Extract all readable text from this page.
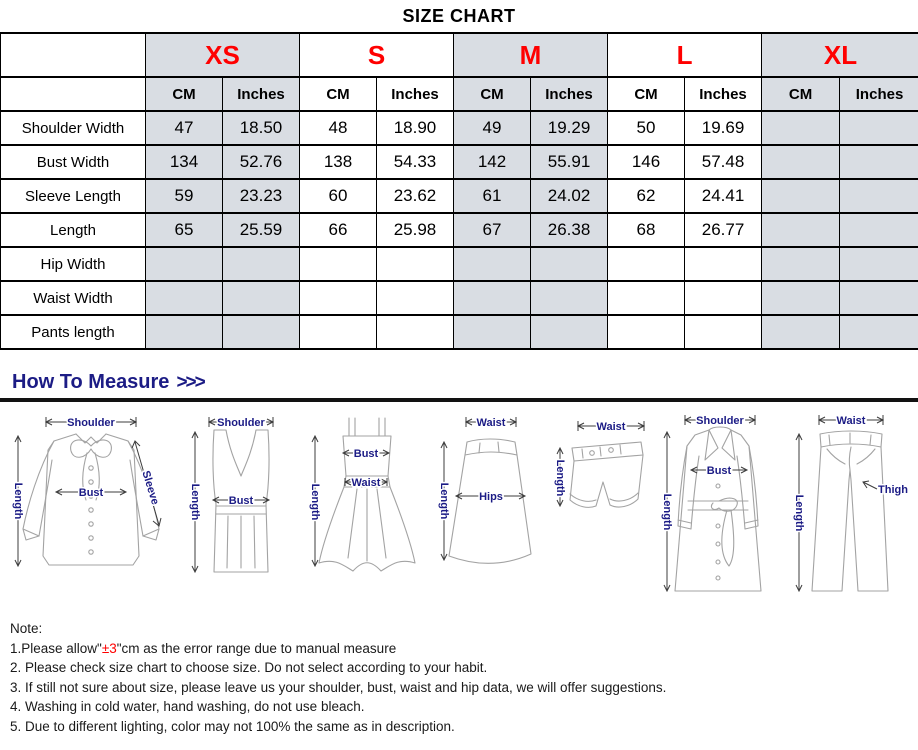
SIZE CHART
	XS		S		M		L		XL	
	CM	Inches	CM	Inches	CM	Inches	CM	Inches	CM	Inches
Shoulder Width	47	18.50	48	18.90	49	19.29	50	19.69		
Bust Width	134	52.76	138	54.33	142	55.91	146	57.48		
Sleeve Length	59	23.23	60	23.62	61	24.02	62	24.41		
Length	65	25.59	66	25.98	67	26.38	68	26.77		
Hip Width										
Waist Width										
Pants length										
How To Measure >>>
Shoulder
Length	Bust	Sleeve
Shoulder
Length	Bust
Bust
Waist
Length
Waist
Hips
Length
Waist
Length
Shoulder
Bust
Length
Waist
Thigh
Length
Note:
1.Please allow"±3"cm as the error range due to manual measure
2. Please check size chart to choose size. Do not select according to your habit.
3. If still not sure about size, please leave us your shoulder, bust, waist and hip data, we will offer suggestions.
4. Washing in cold water, hand washing, do not use bleach.
5. Due to different lighting, color may not 100% the same as in description.
